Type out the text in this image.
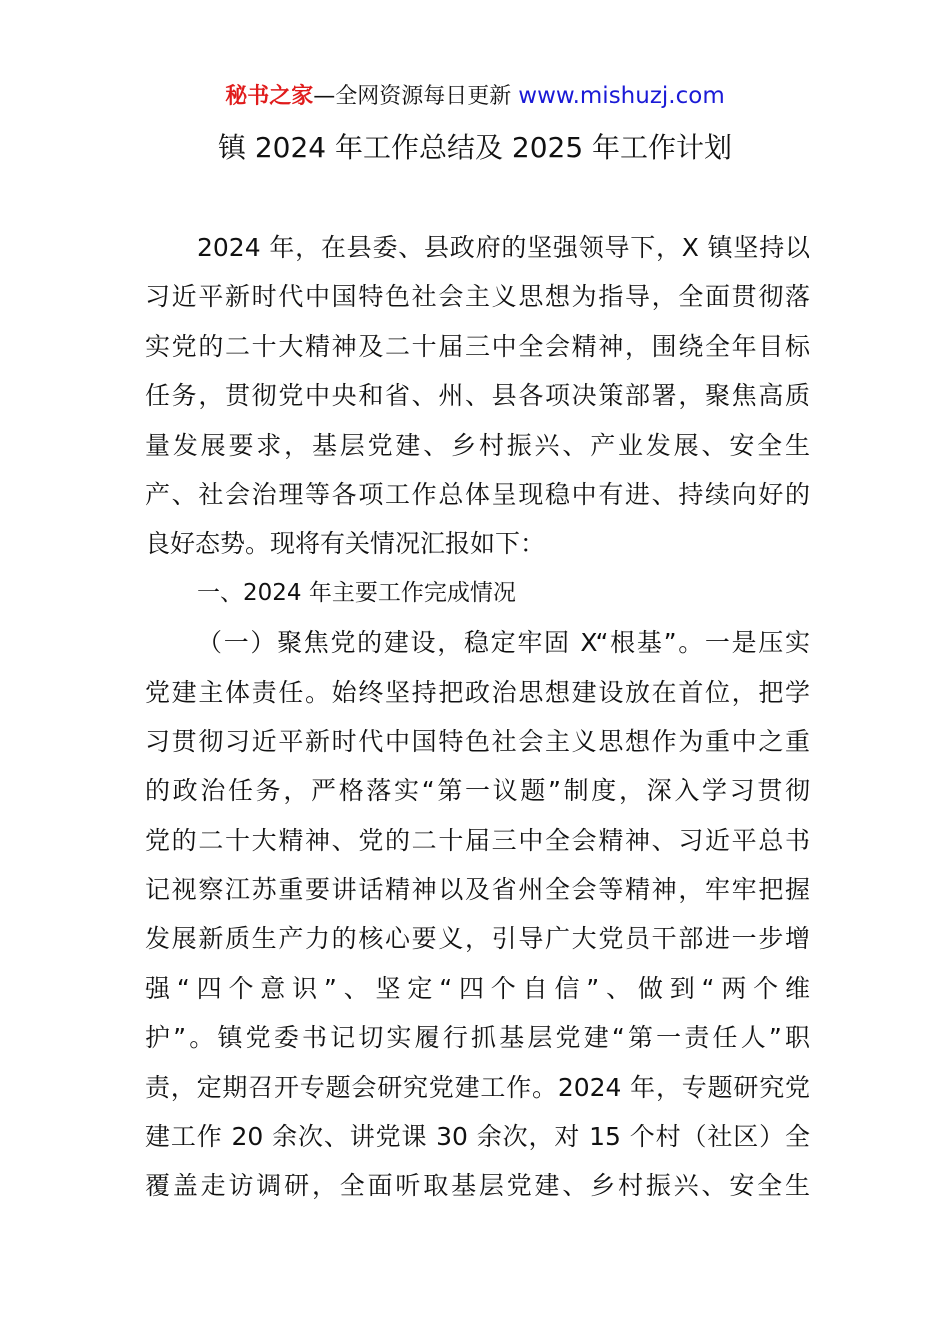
秘书之家—全网资源每日更新 www.mishuzj.com
镇 2024 年工作总结及 2025 年工作计划
2024 年，在县委、县政府的坚强领导下，X 镇坚持以
习近平新时代中国特色社会主义思想为指导，全面贯彻落
实党的二十大精神及二十届三中全会精神，围绕全年目标
任务，贯彻党中央和省、州、县各项决策部署，聚焦高质
量发展要求，基层党建、乡村振兴、产业发展、安全生
产、社会治理等各项工作总体呈现稳中有进、持续向好的
良好态势。现将有关情况汇报如下：
一、2024 年主要工作完成情况
（一）聚焦党的建设，稳定牢固 X“根基”。一是压实
党建主体责任。始终坚持把政治思想建设放在首位，把学
习贯彻习近平新时代中国特色社会主义思想作为重中之重
的政治任务，严格落实“第一议题”制度，深入学习贯彻
党的二十大精神、党的二十届三中全会精神、习近平总书
记视察江苏重要讲话精神以及省州全会等精神，牢牢把握
发展新质生产力的核心要义，引导广大党员干部进一步增
强“四个意识”、坚定“四个自信”、做到“两个维
护”。镇党委书记切实履行抓基层党建“第一责任人”职
责，定期召开专题会研究党建工作。2024 年，专题研究党
建工作 20 余次、讲党课 30 余次，对 15 个村（社区）全
覆盖走访调研，全面听取基层党建、乡村振兴、安全生
